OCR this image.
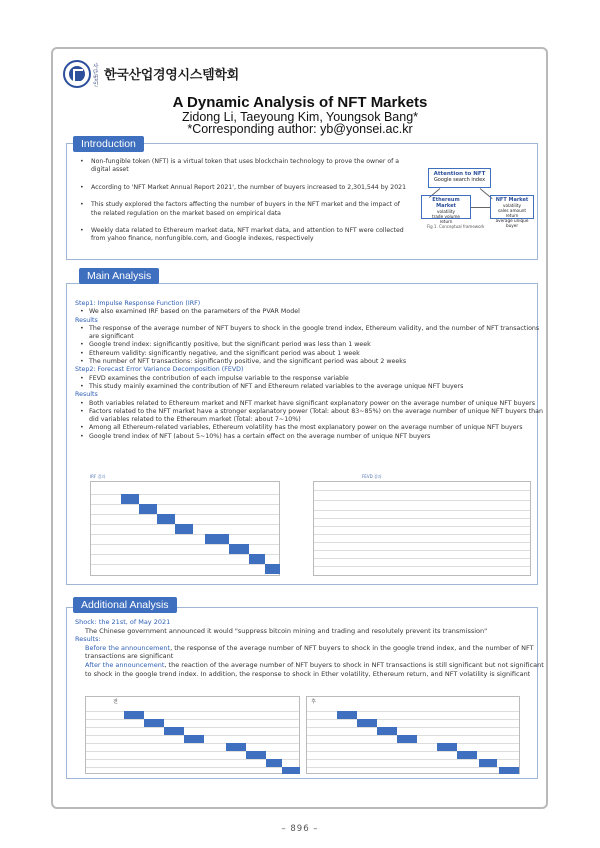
사단법인
한국산업경영시스템학회
A Dynamic Analysis of NFT Markets
Zidong Li, Taeyoung Kim, Youngsok Bang*
*Corresponding author: yb@yonsei.ac.kr
Introduction
• Non-fungible token (NFT) is a virtual token that uses blockchain technology to prove the owner of a digital asset
• According to 'NFT Market Annual Report 2021', the number of buyers increased to 2,301,544 by 2021
• This study explored the factors affecting the number of buyers in the NFT market and the impact of the related regulation on the market based on empirical data
• Weekly data related to Ethereum market data, NFT market data, and attention to NFT were collected from yahoo finance, nonfungible.com, and Google indexes, respectively
Attention to NFT
Google search index
Ethereum Market
volatility
trade volume
return
NFT Market
volatility
sales amount
return
average unique buyer
Fig 1. Conceptual framework
Main Analysis
Step1: Impulse Response Function (IRF)
• We also examined IRF based on the parameters of the PVAR Model
Results
• The response of the average number of NFT buyers to shock in the google trend index, Ethereum validity, and the number of NFT transactions are significant
• Google trend index: significantly positive, but the significant period was less than 1 week
• Ethereum validity: significantly negative, and the significant period was about 1 week
• The number of NFT transactions: significantly positive, and the significant period was about 2 weeks
Step2: Forecast Error Variance Decomposition (FEVD)
• FEVD examines the contribution of each impulse variable to the response variable
• This study mainly examined the contribution of NFT and Ethereum related variables to the average unique NFT buyers
Results
• Both variables related to Ethereum market and NFT market have significant explanatory power on the average number of unique NFT buyers
• Factors related to the NFT market have a stronger explanatory power (Total: about 83~85%) on the average number of unique NFT buyers than did variables related to the Ethereum market (Total: about 7~10%)
• Among all Ethereum-related variables, Ethereum volatility has the most explanatory power on the average number of unique NFT buyers
• Google trend index of NFT (about 5~10%) has a certain effect on the average number of unique NFT buyers
IRF 결과	FEVD 결과
Additional Analysis
Shock: the 21st, of May 2021
The Chinese government announced it would "suppress bitcoin mining and trading and resolutely prevent its transmission"
Results:
Before the announcement, the response of the average number of NFT buyers to shock in the google trend index, and the number of NFT transactions are significant
After the announcement, the reaction of the average number of NFT buyers to shock in NFT transactions is still significant but not significant to shock in the google trend index. In addition, the response to shock in Ether volatility, Ethereum return, and NFT volatility is significant
전	후
– 896 –
